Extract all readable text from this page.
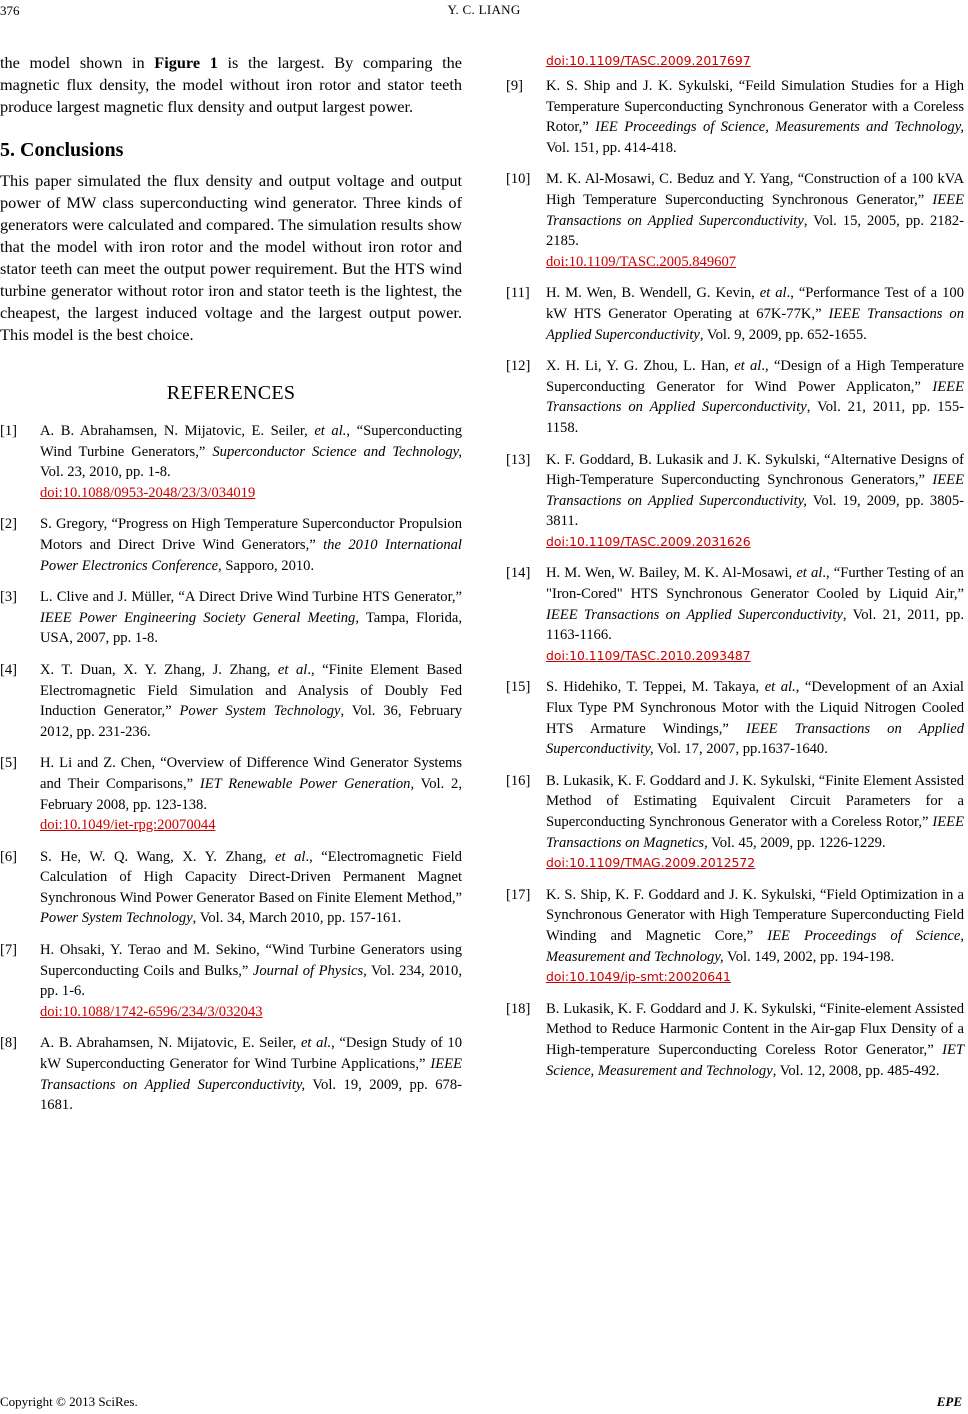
376	Y. C. LIANG

the model shown in Figure 1 is the largest. By comparing the magnetic flux density, the model without iron rotor and stator teeth produce largest magnetic flux density and output largest power.

5. Conclusions

This paper simulated the flux density and output voltage and output power of MW class superconducting wind generator. Three kinds of generators were calculated and compared. The simulation results show that the model with iron rotor and the model without iron rotor and stator teeth can meet the output power requirement. But the HTS wind turbine generator without rotor iron and stator teeth is the lightest, the cheapest, the largest induced voltage and the largest output power. This model is the best choice.

REFERENCES
[1]	A. B. Abrahamsen, N. Mijatovic, E. Seiler, et al., “Superconducting Wind Turbine Generators,” Superconductor Science and Technology, Vol. 23, 2010, pp. 1-8.
doi:10.1088/0953-2048/23/3/034019
[2]	S. Gregory, “Progress on High Temperature Superconductor Propulsion Motors and Direct Drive Wind Generators,” the 2010 International Power Electronics Conference, Sapporo, 2010.
[3]	L. Clive and J. Müller, “A Direct Drive Wind Turbine HTS Generator,” IEEE Power Engineering Society General Meeting, Tampa, Florida, USA, 2007, pp. 1-8.
[4]	X. T. Duan, X. Y. Zhang, J. Zhang, et al., “Finite Element Based Electromagnetic Field Simulation and Analysis of Doubly Fed Induction Generator,” Power System Technology, Vol. 36, February 2012, pp. 231-236.
[5]	H. Li and Z. Chen, “Overview of Difference Wind Generator Systems and Their Comparisons,” IET Renewable Power Generation, Vol. 2, February 2008, pp. 123-138.
doi:10.1049/iet-rpg:20070044
[6]	S. He, W. Q. Wang, X. Y. Zhang, et al., “Electromagnetic Field Calculation of High Capacity Direct-Driven Permanent Magnet Synchronous Wind Power Generator Based on Finite Element Method,” Power System Technology, Vol. 34, March 2010, pp. 157-161.
[7]	H. Ohsaki, Y. Terao and M. Sekino, “Wind Turbine Generators using Superconducting Coils and Bulks,” Journal of Physics, Vol. 234, 2010, pp. 1-6.
doi:10.1088/1742-6596/234/3/032043
[8]	A. B. Abrahamsen, N. Mijatovic, E. Seiler, et al., “Design Study of 10 kW Superconducting Generator for Wind Turbine Applications,” IEEE Transactions on Applied Superconductivity, Vol. 19, 2009, pp. 678-1681.
doi:10.1109/TASC.2009.2017697
[9]	K. S. Ship and J. K. Sykulski, “Feild Simulation Studies for a High Temperature Superconducting Synchronous Generator with a Coreless Rotor,” IEE Proceedings of Science, Measurements and Technology, Vol. 151, pp. 414-418.
[10]	M. K. Al-Mosawi, C. Beduz and Y. Yang, “Construction of a 100 kVA High Temperature Superconducting Synchronous Generator,” IEEE Transactions on Applied Superconductivity, Vol. 15, 2005, pp. 2182-2185.
doi:10.1109/TASC.2005.849607
[11]	H. M. Wen, B. Wendell, G. Kevin, et al., “Performance Test of a 100 kW HTS Generator Operating at 67K-77K,” IEEE Transactions on Applied Superconductivity, Vol. 9, 2009, pp. 652-1655.
[12]	X. H. Li, Y. G. Zhou, L. Han, et al., “Design of a High Temperature Superconducting Generator for Wind Power Applicaton,” IEEE Transactions on Applied Superconductivity, Vol. 21, 2011, pp. 155-1158.
[13]	K. F. Goddard, B. Lukasik and J. K. Sykulski, “Alternative Designs of High-Temperature Superconducting Synchronous Generators,” IEEE Transactions on Applied Superconductivity, Vol. 19, 2009, pp. 3805-3811.
doi:10.1109/TASC.2009.2031626
[14]	H. M. Wen, W. Bailey, M. K. Al-Mosawi, et al., “Further Testing of an "Iron-Cored" HTS Synchronous Generator Cooled by Liquid Air,” IEEE Transactions on Applied Superconductivity, Vol. 21, 2011, pp. 1163-1166.
doi:10.1109/TASC.2010.2093487
[15]	S. Hidehiko, T. Teppei, M. Takaya, et al., “Development of an Axial Flux Type PM Synchronous Motor with the Liquid Nitrogen Cooled HTS Armature Windings,” IEEE Transactions on Applied Superconductivity, Vol. 17, 2007, pp.1637-1640.
[16]	B. Lukasik, K. F. Goddard and J. K. Sykulski, “Finite Element Assisted Method of Estimating Equivalent Circuit Parameters for a Superconducting Synchronous Generator with a Coreless Rotor,” IEEE Transactions on Magnetics, Vol. 45, 2009, pp. 1226-1229.
doi:10.1109/TMAG.2009.2012572
[17]	K. S. Ship, K. F. Goddard and J. K. Sykulski, “Field Optimization in a Synchronous Generator with High Temperature Superconducting Field Winding and Magnetic Core,” IEE Proceedings of Science, Measurement and Technology, Vol. 149, 2002, pp. 194-198.
doi:10.1049/ip-smt:20020641
[18]	B. Lukasik, K. F. Goddard and J. K. Sykulski, “Finite-element Assisted Method to Reduce Harmonic Content in the Air-gap Flux Density of a High-temperature Superconducting Coreless Rotor Generator,” IET Science, Measurement and Technology, Vol. 12, 2008, pp. 485-492.
Copyright © 2013 SciRes.	EPE
